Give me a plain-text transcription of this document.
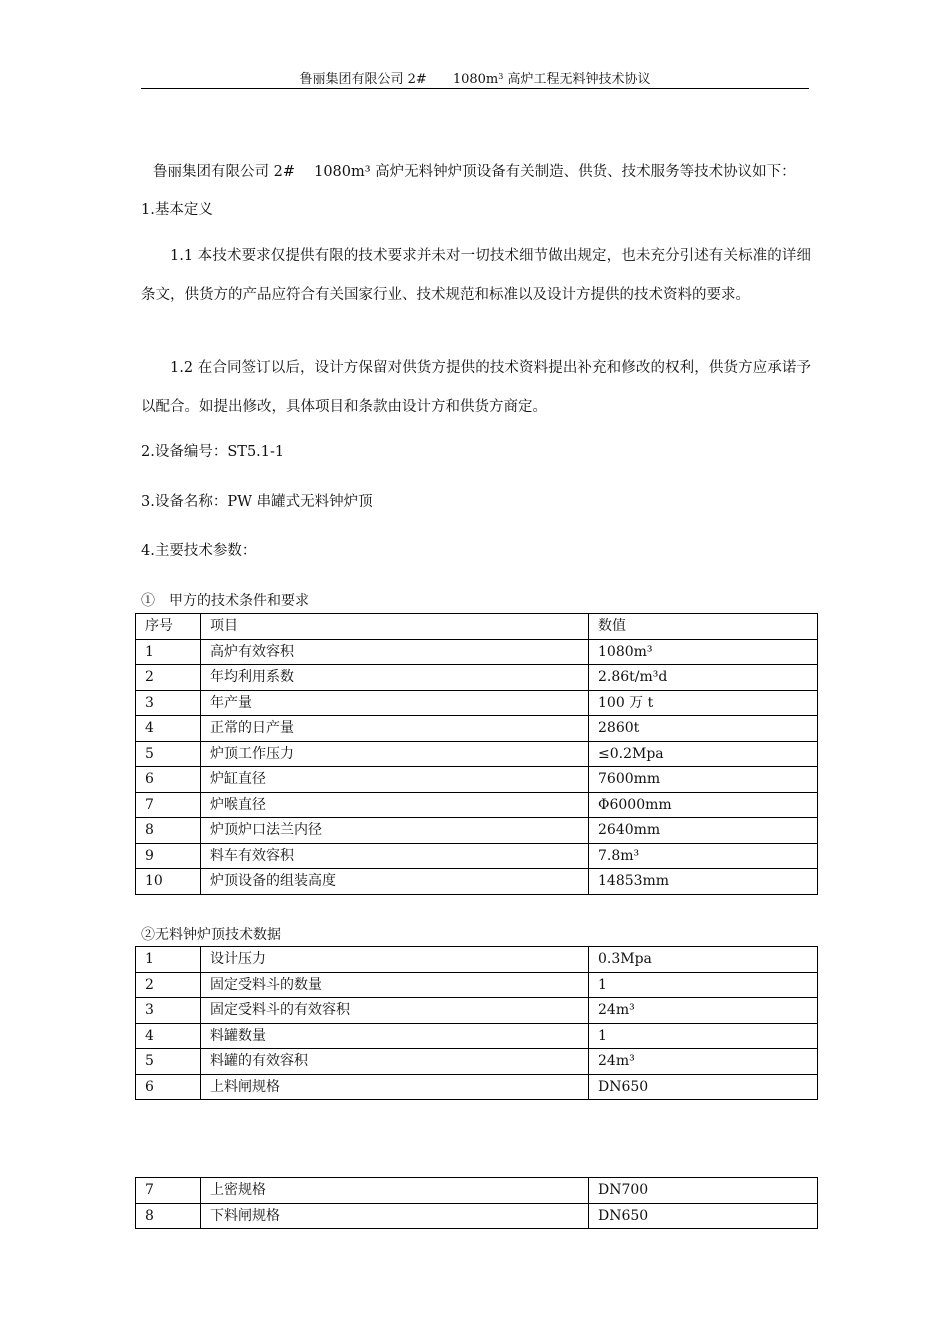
鲁丽集团有限公司 2# $1080m^3$ 高炉工程无料钟技术协议
鲁丽集团有限公司 2#　 1080m³ 高炉无料钟炉顶设备有关制造、供货、技术服务等技术协议如下：
1.基本定义
1.1 本技术要求仅提供有限的技术要求并未对一切技术细节做出规定，也未充分引述有关标准的详细条文，供货方的产品应符合有关国家行业、技术规范和标准以及设计方提供的技术资料的要求。
1.2 在合同签订以后，设计方保留对供货方提供的技术资料提出补充和修改的权利，供货方应承诺予以配合。如提出修改，具体项目和条款由设计方和供货方商定。
2.设备编号：ST5.1-1
3.设备名称：PW 串罐式无料钟炉顶
4.主要技术参数：
①　甲方的技术条件和要求
序号	项目	数值
1	高炉有效容积	1080m³
2	年均利用系数	2.86t/m³d
3	年产量	100 万 t
4	正常的日产量	2860t
5	炉顶工作压力	≤0.2Mpa
6	炉缸直径	7600mm
7	炉喉直径	Φ6000mm
8	炉顶炉口法兰内径	2640mm
9	料车有效容积	7.8m³
10	炉顶设备的组装高度	14853mm
②无料钟炉顶技术数据
1	设计压力	0.3Mpa
2	固定受料斗的数量	1
3	固定受料斗的有效容积	24m³
4	料罐数量	1
5	料罐的有效容积	24m³
6	上料闸规格	DN650
7	上密规格	DN700
8	下料闸规格	DN650
